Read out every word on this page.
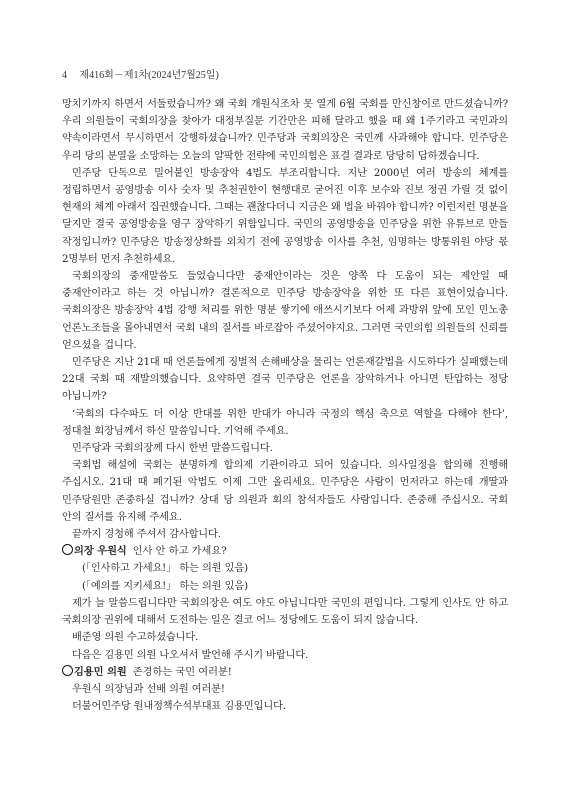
4 제416회－제1차(2024년7월25일)

망치기까지 하면서 서둘렀습니까? 왜 국회 개원식조차 못 열게 6월 국회를 만신창이로 만드셨습니까? 우리 의원들이 국회의장을 찾아가 대정부질문 기간만은 피해 달라고 했을 때 왜 1주기라고 국민과의 약속이라면서 무시하면서 강행하셨습니까? 민주당과 국회의장은 국민께 사과해야 합니다. 민주당은 우리 당의 분열을 소망하는 오늘의 얄팍한 전략에 국민의힘은 표결 결과로 당당히 답하겠습니다.

민주당 단독으로 밀어붙인 방송장악 4법도 부조리합니다. 지난 2000년 여러 방송의 체계를 정립하면서 공영방송 이사 숫자 및 추천권한이 현행대로 굳어진 이후 보수와 진보 정권 가릴 것 없이 현재의 체계 아래서 집권했습니다. 그때는 괜찮다더니 지금은 왜 법을 바꿔야 합니까? 이런저런 명분을 달지만 결국 공영방송을 영구 장악하기 위함입니다. 국민의 공영방송을 민주당을 위한 유튜브로 만들 작정입니까? 민주당은 방송정상화를 외치기 전에 공영방송 이사를 추천, 임명하는 방통위원 야당 몫 2명부터 먼저 추천하세요.

국회의장의 중재말씀도 들었습니다만 중재안이라는 것은 양쪽 다 도움이 되는 제안일 때 중재안이라고 하는 것 아닙니까? 결론적으로 민주당 방송장악을 위한 또 다른 표현이었습니다. 국회의장은 방송장악 4법 강행 처리를 위한 명분 쌓기에 애쓰시기보다 어제 과방위 앞에 모인 민노총 언론노조들을 몰아내면서 국회 내의 질서를 바로잡아 주셨어야지요. 그러면 국민의힘 의원들의 신뢰를 얻으셨을 겁니다.

민주당은 지난 21대 때 언론들에게 징벌적 손해배상을 물리는 언론재갈법을 시도하다가 실패했는데 22대 국회 때 재발의했습니다. 요약하면 결국 민주당은 언론을 장악하거나 아니면 탄압하는 정당 아닙니까?

‘국회의 다수파도 더 이상 반대를 위한 반대가 아니라 국정의 핵심 축으로 역할을 다해야 한다’, 정대철 회장님께서 하신 말씀입니다. 기억해 주세요.

민주당과 국회의장께 다시 한번 말씀드립니다.

국회법 해설에 국회는 분명하게 합의제 기관이라고 되어 있습니다. 의사일정을 합의해 진행해 주십시오. 21대 때 폐기된 악법도 이제 그만 올리세요. 민주당은 사람이 먼저라고 하는데 개딸과 민주당원만 존중하실 겁니까? 상대 당 의원과 회의 참석자들도 사람입니다. 존중해 주십시오. 국회 안의 질서를 유지해 주세요.

끝까지 경청해 주셔서 감사합니다.

의장 우원식 인사 안 하고 가세요?

(「인사하고 가세요!」 하는 의원 있음)

(「예의를 지키세요!」 하는 의원 있음)

제가 늘 말씀드립니다만 국회의장은 여도 야도 아닙니다만 국민의 편입니다. 그렇게 인사도 안 하고 국회의장 권위에 대해서 도전하는 일은 결코 어느 정당에도 도움이 되지 않습니다.

배준영 의원 수고하셨습니다.

다음은 김용민 의원 나오셔서 발언해 주시기 바랍니다.

김용민 의원 존경하는 국민 여러분!

우원식 의장님과 선배 의원 여러분!

더불어민주당 원내정책수석부대표 김용민입니다.
